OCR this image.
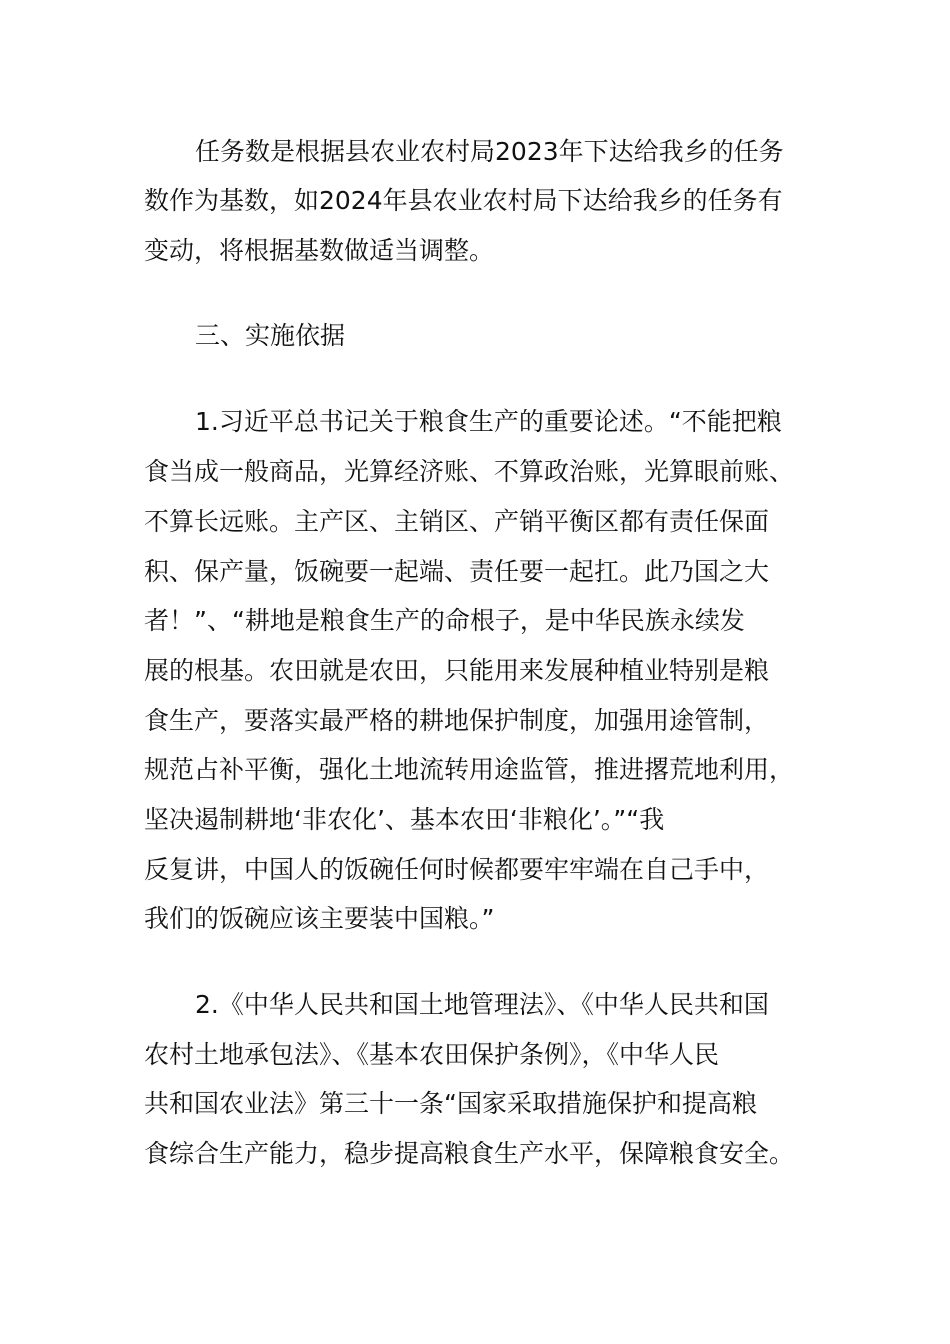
任务数是根据县农业农村局2023年下达给我乡的任务

数作为基数，如2024年县农业农村局下达给我乡的任务有

变动，将根据基数做适当调整。

三、实施依据

1.习近平总书记关于粮食生产的重要论述。“不能把粮

食当成一般商品，光算经济账、不算政治账，光算眼前账、

不算长远账。主产区、主销区、产销平衡区都有责任保面

积、保产量，饭碗要一起端、责任要一起扛。此乃国之大

者！”、“耕地是粮食生产的命根子，是中华民族永续发

展的根基。农田就是农田，只能用来发展种植业特别是粮

食生产，要落实最严格的耕地保护制度，加强用途管制，

规范占补平衡，强化土地流转用途监管，推进撂荒地利用，

坚决遏制耕地‘非农化’、基本农田‘非粮化’。”“我

反复讲，中国人的饭碗任何时候都要牢牢端在自己手中，

我们的饭碗应该主要装中国粮。”

2.《中华人民共和国土地管理法》、《中华人民共和国

农村土地承包法》、《基本农田保护条例》，《中华人民

共和国农业法》第三十一条“国家采取措施保护和提高粮

食综合生产能力，稳步提高粮食生产水平，保障粮食安全。
